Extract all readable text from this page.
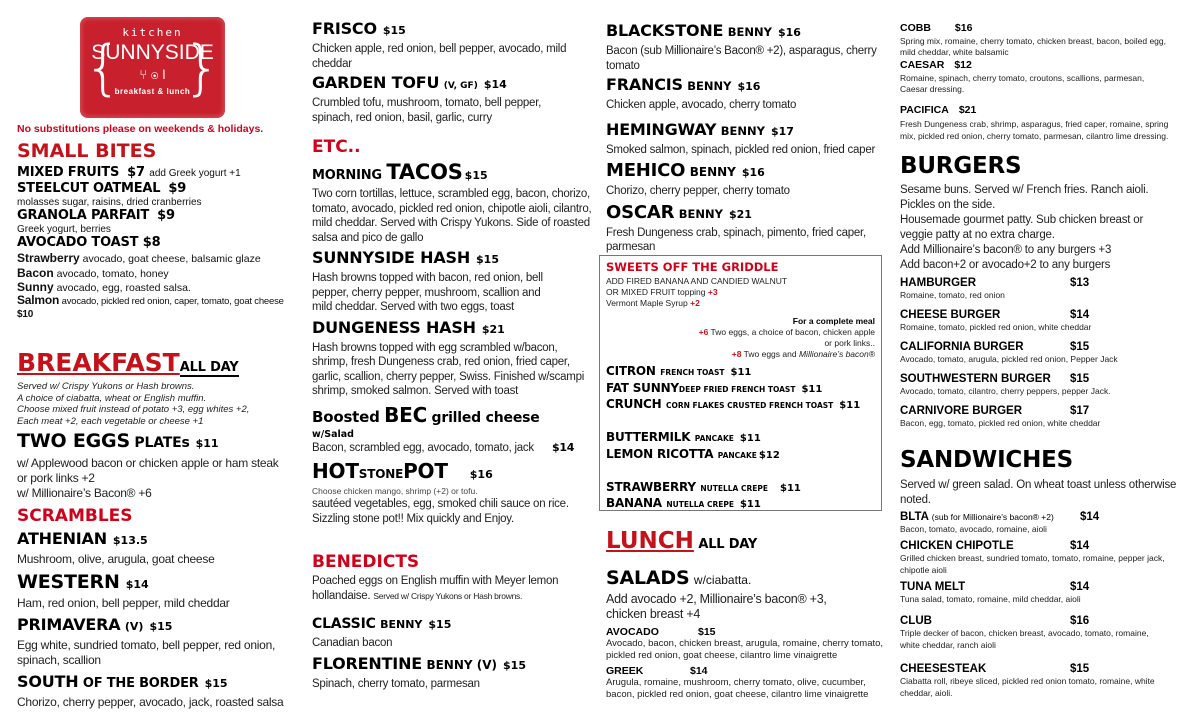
{ }
kitchen
SUNNYSIDE
⑂ ◉ ǀ
breakfast & lunch
No substitutions please on weekends & holidays.
SMALL BITES
MIXED FRUITS $7 add Greek yogurt +1
STEELCUT OATMEAL $9
molasses sugar, raisins, dried cranberries
GRANOLA PARFAIT $9
Greek yogurt, berries
AVOCADO TOAST $8
Strawberry avocado, goat cheese, balsamic glaze
Bacon avocado, tomato, honey
Sunny avocado, egg, roasted salsa.
Salmon avocado, pickled red onion, caper, tomato, goat cheese $10
BREAKFASTALL DAY
Served w/ Crispy Yukons or Hash browns.
A choice of ciabatta, wheat or English muffin.
Choose mixed fruit instead of potato +3, egg whites +2,
Each meat +2, each vegetable or cheese +1
TWO EGGS PLATEs $11
w/ Applewood bacon or chicken apple or ham steak or pork links +2
w/ Millionaire’s Bacon® +6
SCRAMBLES
ATHENIAN $13.5
Mushroom, olive, arugula, goat cheese
WESTERN $14
Ham, red onion, bell pepper, mild cheddar
PRIMAVERA (V) $15
Egg white, sundried tomato, bell pepper, red onion, spinach, scallion
SOUTH OF THE BORDER $15
Chorizo, cherry pepper, avocado, jack, roasted salsa
FRISCO $15
Chicken apple, red onion, bell pepper, avocado, mild cheddar
GARDEN TOFU (V, GF) $14
Crumbled tofu, mushroom, tomato, bell pepper, spinach, red onion, basil, garlic, curry
ETC..
MORNING TACOS $15
Two corn tortillas, lettuce, scrambled egg, bacon, chorizo, tomato, avocado, pickled red onion, chipotle aioli, cilantro, mild cheddar. Served with Crispy Yukons. Side of roasted salsa and pico de gallo
SUNNYSIDE HASH $15
Hash browns topped with bacon, red onion, bell pepper, cherry pepper, mushroom, scallion and mild cheddar. Served with two eggs, toast
DUNGENESS HASH $21
Hash browns topped with egg scrambled w/bacon, shrimp, fresh Dungeness crab, red onion, fried caper, garlic, scallion, cherry pepper, Swiss. Finished w/scampi shrimp, smoked salmon. Served with toast
Boosted BEC grilled cheese
w/Salad
Bacon, scrambled egg, avocado, tomato, jack $14
HOTSTONEPOT $16
Choose chicken mango, shrimp (+2) or tofu.
sautéed vegetables, egg, smoked chili sauce on rice. Sizzling stone pot!! Mix quickly and Enjoy.
BENEDICTS
Poached eggs on English muffin with Meyer lemon hollandaise. Served w/ Crispy Yukons or Hash browns.
CLASSIC BENNY $15
Canadian bacon
FLORENTINE BENNY (V) $15
Spinach, cherry tomato, parmesan
BLACKSTONE BENNY $16
Bacon (sub Millionaire’s Bacon® +2), asparagus, cherry tomato
FRANCIS BENNY $16
Chicken apple, avocado, cherry tomato
HEMINGWAY BENNY $17
Smoked salmon, spinach, pickled red onion, fried caper
MEHICO BENNY $16
Chorizo, cherry pepper, cherry tomato
OSCAR BENNY $21
Fresh Dungeness crab, spinach, pimento, fried caper, parmesan
LUNCH ALL DAY
SALADS w/ciabatta.
Add avocado +2, Millionaire’s bacon® +3, chicken breast +4
AVOCADO	$15
Avocado, bacon, chicken breast, arugula, romaine, cherry tomato, pickled red onion, goat cheese, cilantro lime vinaigrette
GREEK	$14
Arugula, romaine, mushroom, cherry tomato, olive, cucumber, bacon, pickled red onion, goat cheese, cilantro lime vinaigrette
SWEETS OFF THE GRIDDLE
ADD FIRED BANANA AND CANDIED WALNUT
OR MIXED FRUIT topping +3
Vermont Maple Syrup +2
For a complete meal
+6 Two eggs, a choice of bacon, chicken apple
or pork links..
+8 Two eggs and Millionaire’s bacon®
CITRON FRENCH TOAST $11
FAT SUNNYDEEP FRIED FRENCH TOAST $11
CRUNCH CORN FLAKES CRUSTED FRENCH TOAST $11
BUTTERMILK PANCAKE $11
LEMON RICOTTA PANCAKE $12
STRAWBERRY NUTELLA CREPE $11
BANANA NUTELLA CREPE $11
COBB $16
Spring mix, romaine, cherry tomato, chicken breast, bacon, boiled egg, mild cheddar, white balsamic
CAESAR $12
Romaine, spinach, cherry tomato, croutons, scallions, parmesan, Caesar dressing.
PACIFICA $21
Fresh Dungeness crab, shrimp, asparagus, fried caper, romaine, spring mix, pickled red onion, cherry tomato, parmesan, cilantro lime dressing.
BURGERS
Sesame buns. Served w/ French fries. Ranch aioli.
Pickles on the side.
Housemade gourmet patty. Sub chicken breast or
veggie patty at no extra charge.
Add Millionaire’s bacon® to any burgers +3
Add bacon+2 or avocado+2 to any burgers
HAMBURGER	$13
Romaine, tomato, red onion
CHEESE BURGER	$14
Romaine, tomato, pickled red onion, white cheddar
CALIFORNIA BURGER	$15
Avocado, tomato, arugula, pickled red onion, Pepper Jack
SOUTHWESTERN BURGER	$15
Avocado, tomato, cilantro, cherry peppers, pepper Jack.
CARNIVORE BURGER	$17
Bacon, egg, tomato, pickled red onion, white cheddar
SANDWICHES
Served w/ green salad. On wheat toast unless otherwise noted.
BLTA (sub for Millionaire’s bacon® +2)	$14
Bacon, tomato, avocado, romaine, aioli
CHICKEN CHIPOTLE	$14
Grilled chicken breast, sundried tomato, tomato, romaine, pepper jack, chipotle aioli
TUNA MELT	$14
Tuna salad, tomato, romaine, mild cheddar, aioli
CLUB	$16
Triple decker of bacon, chicken breast, avocado, tomato, romaine, white cheddar, ranch aioli
CHEESESTEAK	$15
Ciabatta roll, ribeye sliced, pickled red onion tomato, romaine, white cheddar, aioli.
